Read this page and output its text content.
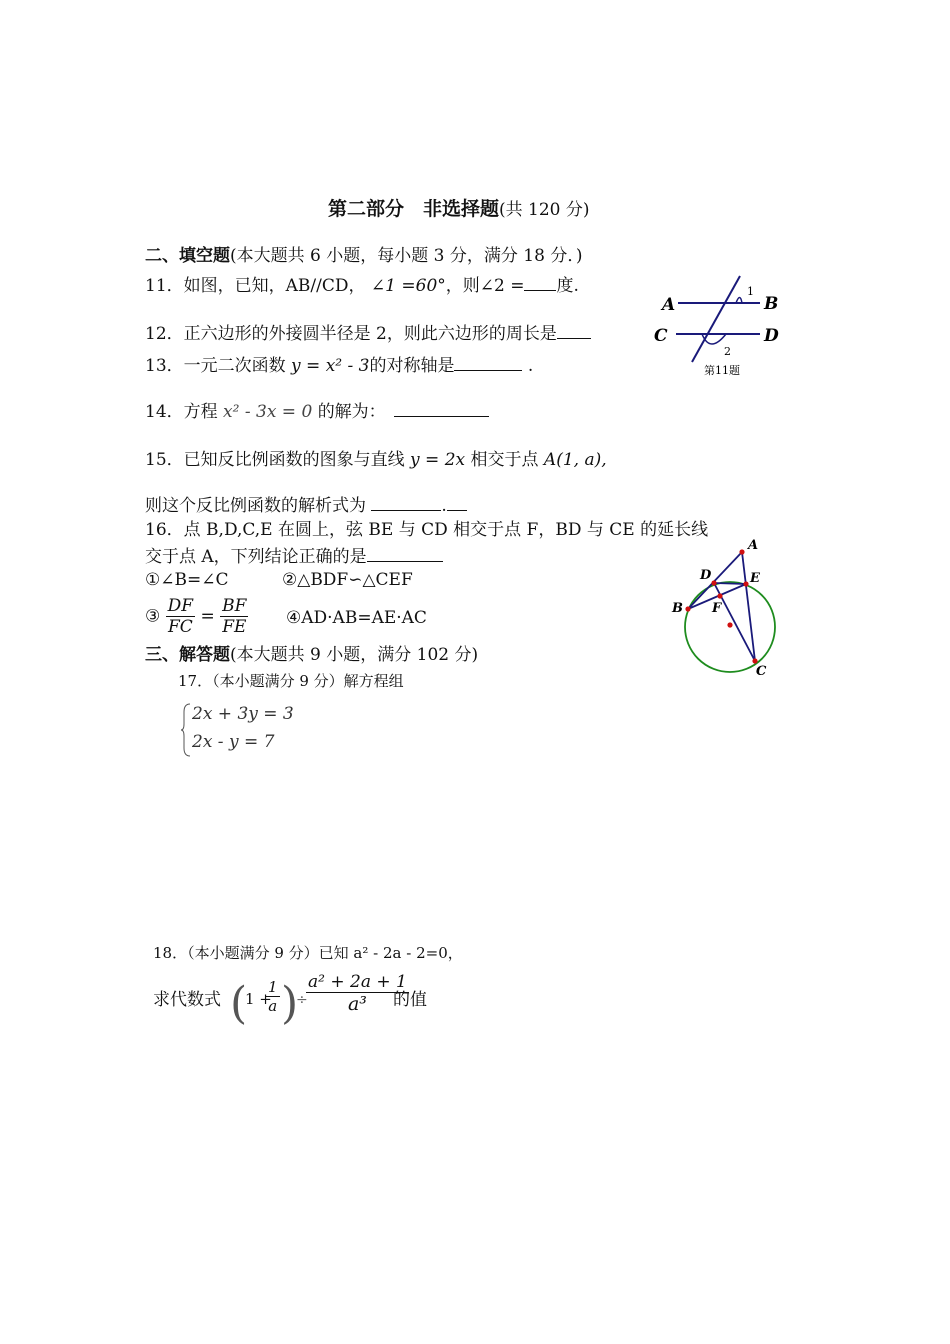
第二部分　非选择题(共 120 分)
二、填空题(本大题共 6 小题，每小题 3 分，满分 18 分．)
11．如图，已知，AB//CD， ∠1 =60°，则∠2 = 度.
12．正六边形的外接圆半径是 2，则此六边形的周长是
13．一元二次函数 y = x² - 3的对称轴是	.
14．方程 x² - 3x = 0 的解为：　
15．已知反比例函数的图象与直线 y = 2x 相交于点 A(1, a),
则这个反比例函数的解析式为	.
16．点 B,D,C,E 在圆上，弦 BE 与 CD 相交于点 F，BD 与 CE 的延长线
交于点 A，下列结论正确的是
①∠B=∠C	②△BDF∽△CEF
③ $\frac{DF}{FC} = \frac{BF}{FE}$ ④AD·AB=AE·AC
三、解答题(本大题共 9 小题，满分 102 分)
17．（本小题满分 9 分）解方程组
2x + 3y = 3
2x - y = 7
18．（本小题满分 9 分）已知 a² - 2a - 2=0，
求代数式 (
1 +
$\frac{1}{a}$ )
÷
$\frac{\text{a² + 2a + 1}}{\text{a³}}$
的值
A	B
C	D
1
2
第11题
A
B
C
D	E
F
